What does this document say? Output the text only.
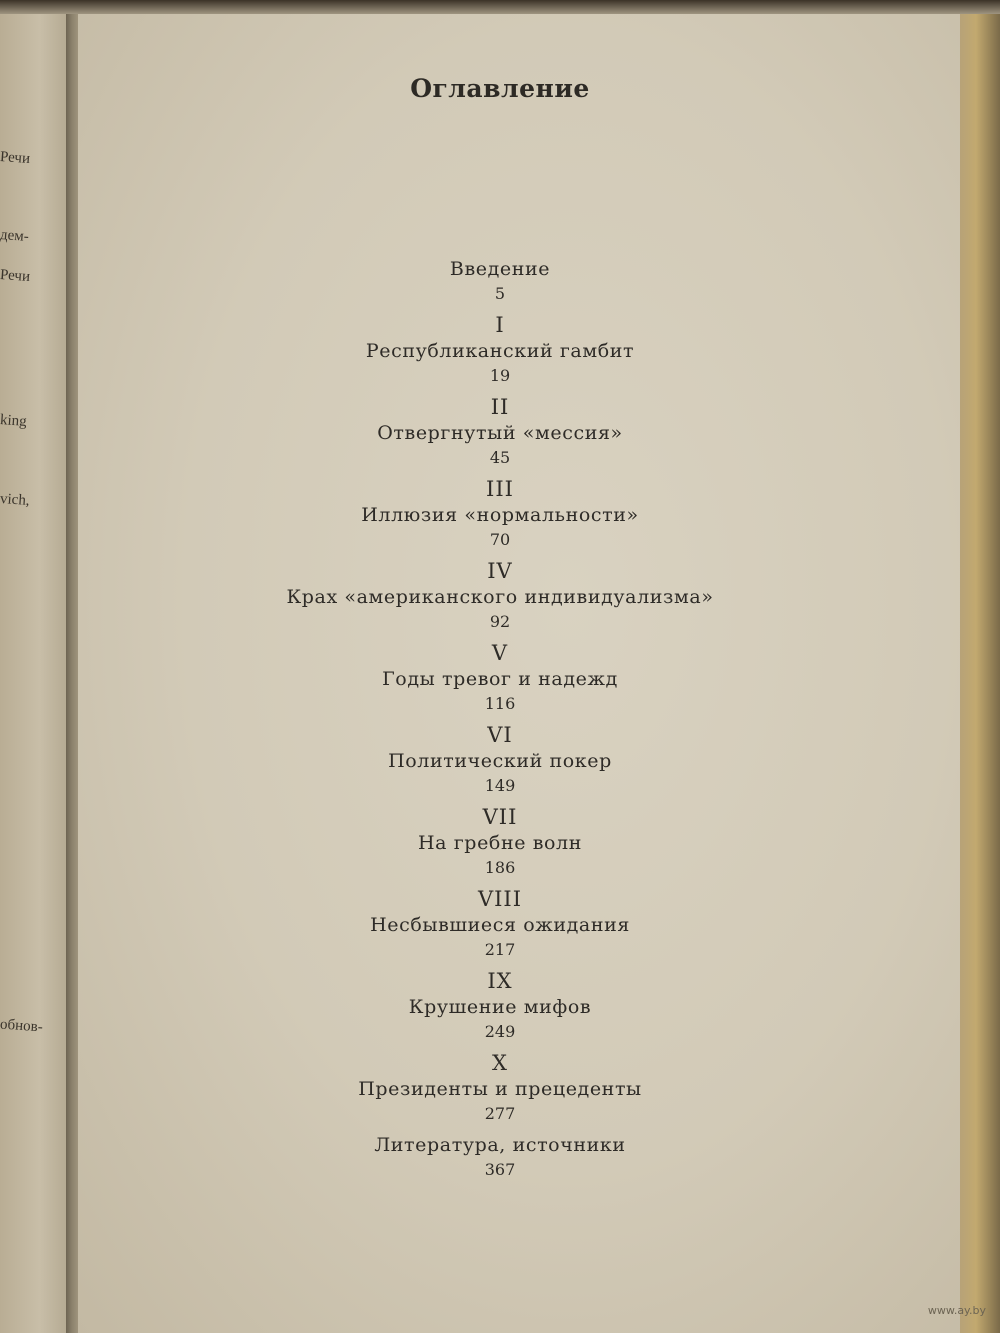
Речи
дем-
Речи
king
vich,
обнов-
Оглавление
Введение
5
I
Республиканский гамбит
19
II
Отвергнутый «мессия»
45
III
Иллюзия «нормальности»
70
IV
Крах «американского индивидуализма»
92
V
Годы тревог и надежд
116
VI
Политический покер
149
VII
На гребне волн
186
VIII
Несбывшиеся ожидания
217
IX
Крушение мифов
249
X
Президенты и прецеденты
277
Литература, источники
367
www.ay.by
